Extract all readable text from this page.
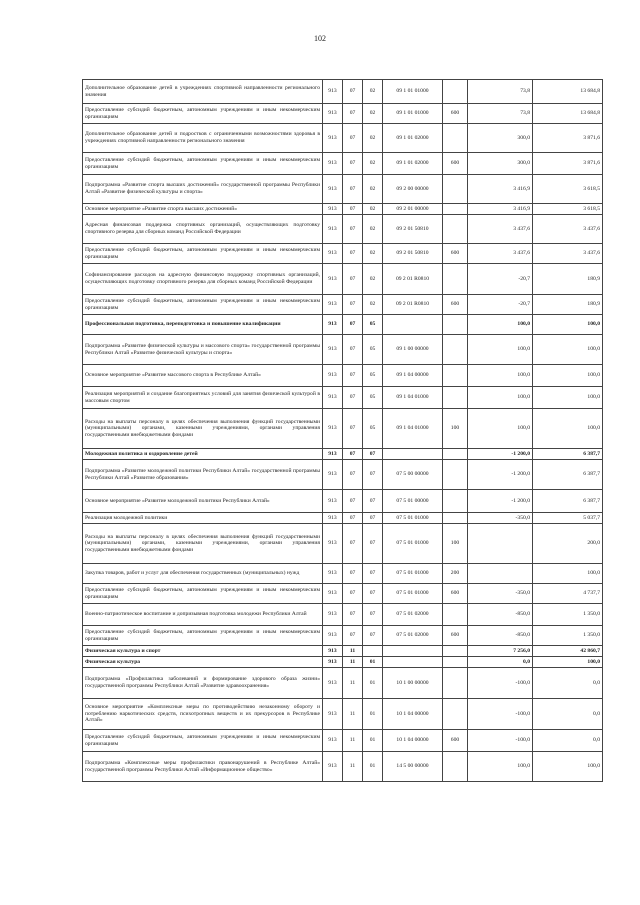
102
Дополнительное образование детей в учреждениях спортивной направленности регионального значения	913	07	02	09 1 01 01000		73,8	13 684,8
Предоставление субсидий бюджетным, автономным учреждениям и иным некоммерческим организациям	913	07	02	09 1 01 01000	600	73,8	13 684,8
Дополнительное образование детей и подростков с ограниченными возможностями здоровья в учреждениях спортивной направленности регионального значения	913	07	02	09 1 01 02000		300,0	3 871,6
Предоставление субсидий бюджетным, автономным учреждениям и иным некоммерческим организациям	913	07	02	09 1 01 02000	600	300,0	3 871,6
Подпрограмма «Развитие спорта высших достижений» государственной программы Республики Алтай «Развитие физической культуры и спорта»	913	07	02	09 2 00 00000		3 416,9	3 618,5
Основное мероприятие «Развитие спорта высших достижений»	913	07	02	09 2 01 00000		3 416,9	3 618,5
Адресная финансовая поддержка спортивных организаций, осуществляющих подготовку спортивного резерва для сборных команд Российской Федерации	913	07	02	09 2 01 50810		3 437,6	3 437,6
Предоставление субсидий бюджетным, автономным учреждениям и иным некоммерческим организациям	913	07	02	09 2 01 50810	600	3 437,6	3 437,6
Софинансирование расходов на адресную финансовую поддержку спортивных организаций, осуществляющих подготовку спортивного резерва для сборных команд Российской Федерации	913	07	02	09 2 01 R0810		-20,7	180,9
Предоставление субсидий бюджетным, автономным учреждениям и иным некоммерческим организациям	913	07	02	09 2 01 R0810	600	-20,7	180,9
Профессиональная подготовка, переподготовка и повышение квалификации	913	07	05			100,0	100,0
Подпрограмма «Развитие физической культуры и массового спорта» государственной программы Республики Алтай «Развитие физической культуры и спорта»	913	07	05	09 1 00 00000		100,0	100,0
Основное мероприятие «Развитие массового спорта в Республике Алтай»	913	07	05	09 1 04 00000		100,0	100,0
Реализация мероприятий и создание благоприятных условий для занятия физической культурой в массовым спортом	913	07	05	09 1 04 01000		100,0	100,0
Расходы на выплаты персоналу в целях обеспечения выполнения функций государственными (муниципальными) органами, казенными учреждениями, органами управления государственными внебюджетными фондами	913	07	05	09 1 04 01000	100	100,0	100,0
Молодежная политика и оздоровление детей	913	07	07			-1 200,0	6 387,7
Подпрограмма «Развитие молодежной политики Республики Алтай» государственной программы Республики Алтай «Развитие образования»	913	07	07	07 5 00 00000		-1 200,0	6 387,7
Основное мероприятие «Развитие молодежной политики Республики Алтай»	913	07	07	07 5 01 00000		-1 200,0	6 387,7
Реализация молодежной политики	913	07	07	07 5 01 01000		-350,0	5 037,7
Расходы на выплаты персоналу в целях обеспечения выполнения функций государственными (муниципальными) органами, казенными учреждениями, органами управления государственными внебюджетными фондами	913	07	07	07 5 01 01000	100		200,0
Закупка товаров, работ и услуг для обеспечения государственных (муниципальных) нужд	913	07	07	07 5 01 01000	200		100,0
Предоставление субсидий бюджетным, автономным учреждениям и иным некоммерческим организациям	913	07	07	07 5 01 01000	600	-350,0	4 737,7
Военно-патриотическое воспитание и допризывная подготовка молодежи Республики Алтай	913	07	07	07 5 01 02000		-850,0	1 350,0
Предоставление субсидий бюджетным, автономным учреждениям и иным некоммерческим организациям	913	07	07	07 5 01 02000	600	-850,0	1 350,0
Физическая культура и спорт	913	11				7 256,0	42 860,7
Физическая культура	913	11	01			0,0	100,0
Подпрограмма «Профилактика заболеваний и формирование здорового образа жизни» государственной программы Республики Алтай «Развитие здравоохранения»	913	11	01	10 1 00 00000		-100,0	0,0
Основное мероприятие «Комплексные меры по противодействию незаконному обороту и потреблению наркотических средств, психотропных веществ и их прекурсоров в Республике Алтай»	913	11	01	10 1 04 00000		-100,0	0,0
Предоставление субсидий бюджетным, автономным учреждениям и иным некоммерческим организациям	913	11	01	10 1 04 00000	600	-100,0	0,0
Подпрограмма «Комплексные меры профилактики правонарушений в Республике Алтай» государственной программы Республики Алтай «Информационное общество»	913	11	01	14 5 00 00000		100,0	100,0
